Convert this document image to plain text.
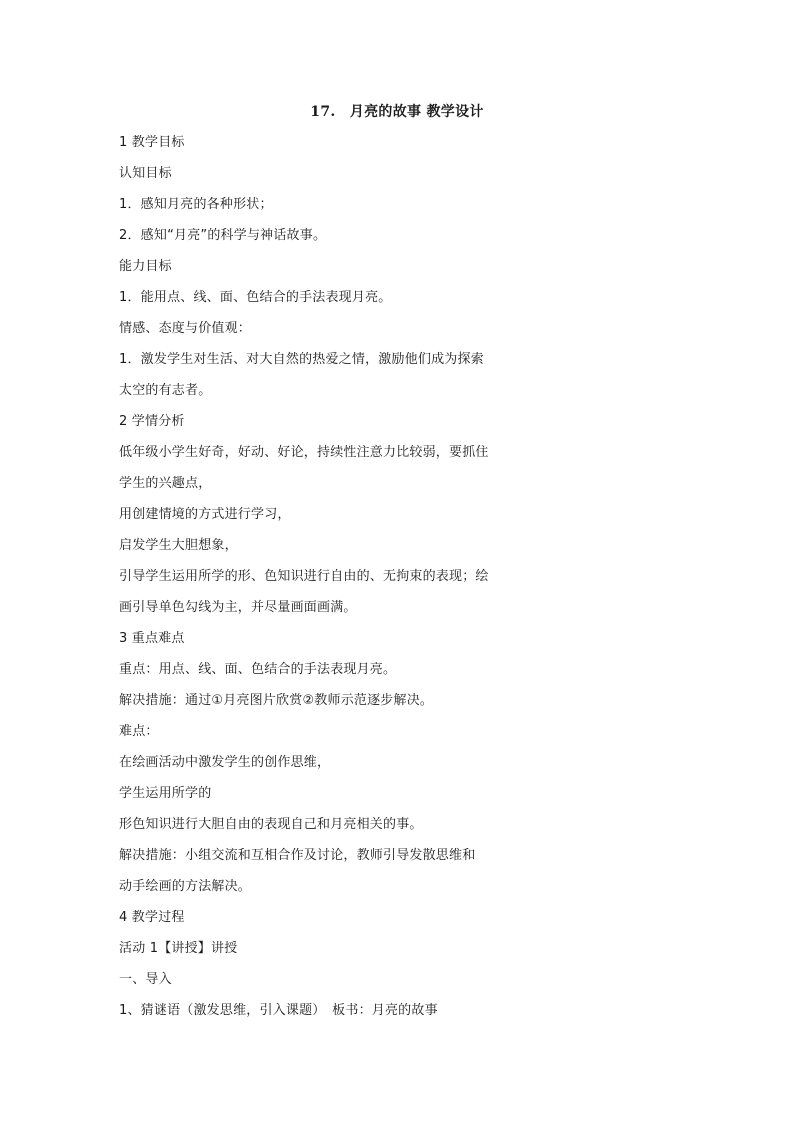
17.　月亮的故事 教学设计
1 教学目标
认知目标
1．感知月亮的各种形状；
2．感知“月亮”的科学与神话故事。
能力目标
1．能用点、线、面、色结合的手法表现月亮。
情感、态度与价值观：
1．激发学生对生活、对大自然的热爱之情，激励他们成为探索
太空的有志者。
2 学情分析
低年级小学生好奇，好动、好论，持续性注意力比较弱，要抓住
学生的兴趣点，
用创建情境的方式进行学习，
启发学生大胆想象，
引导学生运用所学的形、色知识进行自由的、无拘束的表现；绘
画引导单色勾线为主，并尽量画面画满。
3 重点难点
重点：用点、线、面、色结合的手法表现月亮。
解决措施：通过①月亮图片欣赏②教师示范逐步解决。
难点：
在绘画活动中激发学生的创作思维，
学生运用所学的
形色知识进行大胆自由的表现自己和月亮相关的事。
解决措施：小组交流和互相合作及讨论，教师引导发散思维和
动手绘画的方法解决。
4 教学过程
活动 1【讲授】讲授
一、导入
1、猜谜语（激发思维，引入课题）　板书：月亮的故事
